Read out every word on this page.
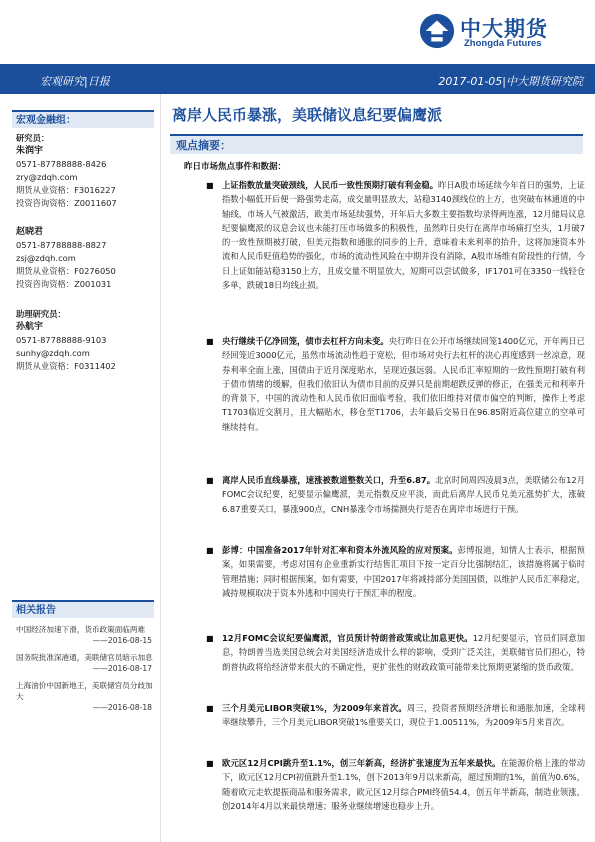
中大期货
Zhongda Futures
宏观研究|日报	2017-01-05|中大期货研究院
宏观金融组：
研究员：
朱润宇
0571-87788888-8426
zry@zdqh.com
期货从业资格：F3016227
投资咨询资格：Z0011607
赵晓君
0571-87788888-8827
zsj@zdqh.com
期货从业资格：F0276050
投资咨询资格：Z001031
助理研究员：
孙航宇
0571-87788888-9103
sunhy@zdqh.com
期货从业资格：F0311402
相关报告
中国经济加速下滑，货币政策面临两难
——2016-08-15
国务院批准深港通，美联储官员暗示加息
——2016-08-17
上海油价中国新地王，美联储官员分歧加大
——2016-08-18
离岸人民币暴涨，美联储议息纪要偏鹰派
观点摘要：
昨日市场焦点事件和数据：
■ 上证指数放量突破颈线，人民币一致性预期打破有利金稳。昨日A股市场延续今年首日的强势，上证指数小幅低开后便一路强势走高，成交量明显放大，站稳3140颈线位的上方，也突破布林通道的中轴线，市场人气被激活，欧美市场延续强势，开年后大多数主要指数均录得两连涨，12月储局议息纪要偏鹰派的议息会议也未能打压市场做多的积极性，虽然昨日央行在离岸市场痛打空头，1月破7的一致性预期被打破，但美元指数和通胀的同步的上升，意味着未来利率的抬升，这将加速资本外流和人民币贬值趋势的强化，市场的流动性风险在中期并没有消除，A股市场维有阶段性的行情，今日上证如能站稳3150上方，且成交量不明显放大，短期可以尝试做多，IF1701可在3350一线轻仓多单，跌破18日均线止损。
■ 央行继续千亿净回笼，债市去杠杆方向未变。央行昨日在公开市场继续回笼1400亿元，开年两日已经回笼近3000亿元，虽然市场流动性趋于宽松，但市场对央行去杠杆的决心再度感到一丝凉意，现券利率全面上涨，国债由于近月深度贴水，呈现近强远弱。人民币汇率短期的一致性预期打破有利于债市情绪的缓解，但我们依旧认为债市目前的反弹只是前期超跌反弹的修正，在强美元和利率升的背景下，中国的流动性和人民币依旧面临考验，我们依旧维持对债市偏空的判断，操作上考虑T1703临近交割月，且大幅贴水，移仓至T1706，去年最后交易日在96.85附近高位建立的空单可继续持有。
■ 离岸人民币直线暴涨，速涨被数道整数关口，升至6.87。北京时间周四凌晨3点，美联储公布12月FOMC会议纪要，纪要显示偏鹰派，美元指数反应平淡，而此后离岸人民币兑美元涨势扩大，涨破6.87重要关口，暴涨900点，CNH暴涨令市场揣测央行是否在离岸市场进行干预。
■ 彭博：中国准备2017年针对汇率和资本外流风险的应对预案。彭博报道，知情人士表示，根据预案，如果需要，考虑对国有企业重新实行结售汇项目下按一定百分比强制结汇，该措施将属于临时管理措施；同时根据预案，如有需要，中国2017年将减持部分美国国债，以维护人民币汇率稳定，减持规模取决于资本外逃和中国央行干预汇率的程度。
■ 12月FOMC会议纪要偏鹰派，官员预计特朗普政策或让加息更快。12月纪要显示，官员们同意加息，特朗普当选美国总统会对美国经济造成什么样的影响，受到广泛关注，美联储官员们担心，特朗普执政将给经济带来很大的不确定性，更扩张性的财政政策可能带来比预期更紧缩的货币政策。
■ 三个月美元LIBOR突破1%，为2009年来首次。周三，投资者预期经济增长和通胀加速，全球利率继续攀升，三个月美元LIBOR突破1%重要关口，现位于1.00511%，为2009年5月来首次。
■ 欧元区12月CPI跳升至1.1%，创三年新高，经济扩张速度为五年来最快。在能源价格上涨的带动下，欧元区12月CPI初值跳升至1.1%，创下2013年9月以来新高，超过预期的1%，前值为0.6%，随着欧元走软提振商品和服务需求，欧元区12月综合PMI终值54.4，创五年半新高，制造业领涨，创2014年4月以来最快增速；服务业继续增速也稳步上升。
